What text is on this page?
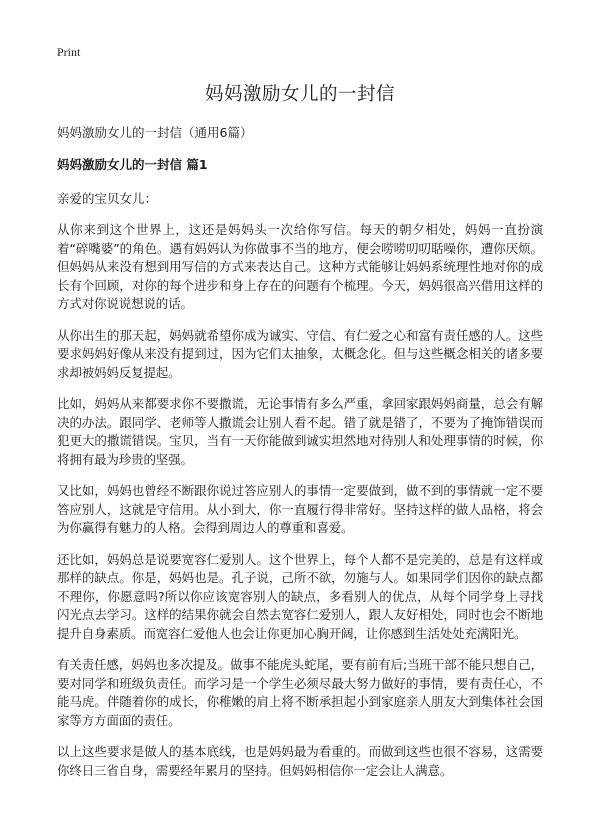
Print
妈妈激励女儿的一封信

妈妈激励女儿的一封信（通用6篇）

妈妈激励女儿的一封信 篇1

亲爱的宝贝女儿：

从你来到这个世界上，这还是妈妈头一次给你写信。每天的朝夕相处，妈妈一直扮演着“碎嘴婆”的角色。遇有妈妈认为你做事不当的地方，便会唠唠叨叨聒噪你，遭你厌烦。但妈妈从来没有想到用写信的方式来表达自己。这种方式能够让妈妈系统理性地对你的成长有个回顾，对你的每个进步和身上存在的问题有个梳理。今天，妈妈很高兴借用这样的方式对你说说想说的话。

从你出生的那天起，妈妈就希望你成为诚实、守信、有仁爱之心和富有责任感的人。这些要求妈妈好像从来没有提到过，因为它们太抽象，太概念化。但与这些概念相关的诸多要求却被妈妈反复提起。

比如，妈妈从来都要求你不要撒谎，无论事情有多么严重，拿回家跟妈妈商量，总会有解决的办法。跟同学、老师等人撒谎会让别人看不起。错了就是错了，不要为了掩饰错误而犯更大的撒谎错误。宝贝，当有一天你能做到诚实坦然地对待别人和处理事情的时候，你将拥有最为珍贵的坚强。

又比如，妈妈也曾经不断跟你说过答应别人的事情一定要做到，做不到的事情就一定不要答应别人，这就是守信用。从小到大，你一直履行得非常好。坚持这样的做人品格，将会为你赢得有魅力的人格。会得到周边人的尊重和喜爱。

还比如，妈妈总是说要宽容仁爱别人。这个世界上，每个人都不是完美的，总是有这样或那样的缺点。你是，妈妈也是。孔子说，己所不欲，勿施与人。如果同学们因你的缺点都不理你，你愿意吗?所以你应该宽容别人的缺点，多看别人的优点，从每个同学身上寻找闪光点去学习。这样的结果你就会自然去宽容仁爱别人，跟人友好相处，同时也会不断地提升自身素质。而宽容仁爱他人也会让你更加心胸开阔，让你感到生活处处充满阳光。

有关责任感，妈妈也多次提及。做事不能虎头蛇尾，要有前有后;当班干部不能只想自己，要对同学和班级负责任。而学习是一个学生必须尽最大努力做好的事情，要有责任心，不能马虎。伴随着你的成长，你稚嫩的肩上将不断承担起小到家庭亲人朋友大到集体社会国家等方方面面的责任。

以上这些要求是做人的基本底线，也是妈妈最为看重的。而做到这些也很不容易，这需要你终日三省自身，需要经年累月的坚持。但妈妈相信你一定会让人满意。
